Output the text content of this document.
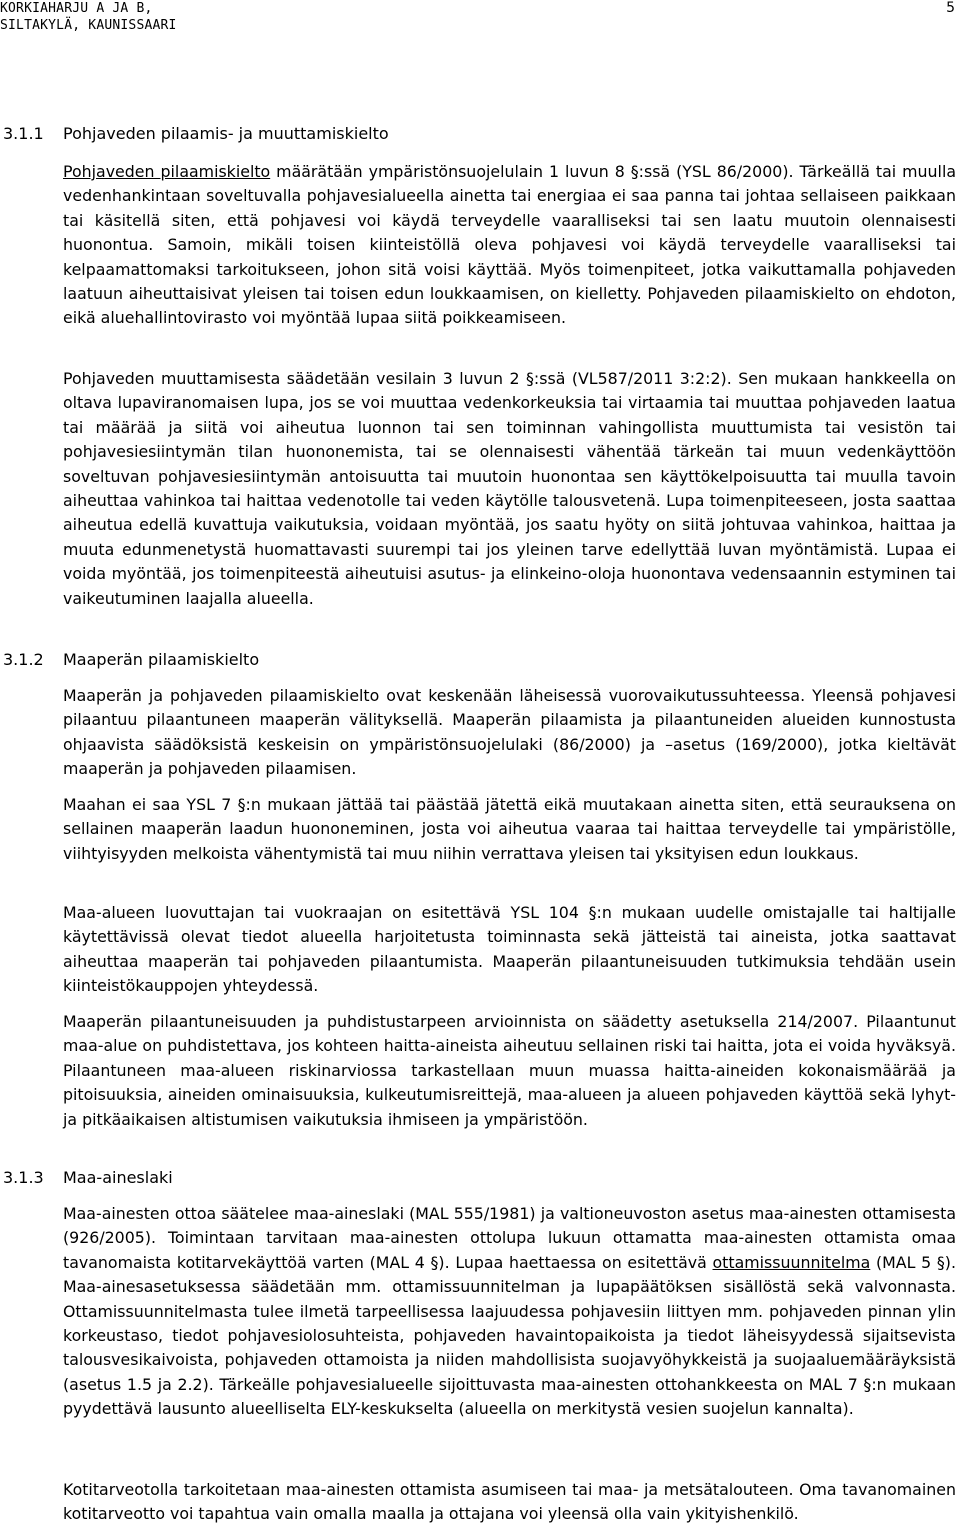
KORKIAHARJU A JA B,
SILTAKYLÄ, KAUNISSAARI
5
3.1.1 Pohjaveden pilaamis- ja muuttamiskielto
Pohjaveden pilaamiskielto määrätään ympäristönsuojelulain 1 luvun 8 §:ssä (YSL 86/2000). Tärkeällä tai muulla vedenhankintaan soveltuvalla pohjavesialueella ainetta tai energiaa ei saa panna tai johtaa sellaiseen paikkaan tai käsitellä siten, että pohjavesi voi käydä terveydelle vaaralliseksi tai sen laatu muutoin olennaisesti huonontua. Samoin, mikäli toisen kiinteistöllä oleva pohjavesi voi käydä terveydelle vaaralliseksi tai kelpaamattomaksi tarkoitukseen, johon sitä voisi käyttää. Myös toimenpiteet, jotka vaikuttamalla pohjaveden laatuun aiheuttaisivat yleisen tai toisen edun loukkaamisen, on kielletty. Pohjaveden pilaamiskielto on ehdoton, eikä aluehallintovirasto voi myöntää lupaa siitä poikkeamiseen.
Pohjaveden muuttamisesta säädetään vesilain 3 luvun 2 §:ssä (VL587/2011 3:2:2). Sen mukaan hankkeella on oltava lupaviranomaisen lupa, jos se voi muuttaa vedenkorkeuksia tai virtaamia tai muuttaa pohjaveden laatua tai määrää ja siitä voi aiheutua luonnon tai sen toiminnan vahingollista muuttumista tai vesistön tai pohjavesiesiintymän tilan huononemista, tai se olennaisesti vähentää tärkeän tai muun vedenkäyttöön soveltuvan pohjavesiesiintymän antoisuutta tai muutoin huonontaa sen käyttökelpoisuutta tai muulla tavoin aiheuttaa vahinkoa tai haittaa vedenotolle tai veden käytölle talousvetenä. Lupa toimenpiteeseen, josta saattaa aiheutua edellä kuvattuja vaikutuksia, voidaan myöntää, jos saatu hyöty on siitä johtuvaa vahinkoa, haittaa ja muuta edunmenetystä huomattavasti suurempi tai jos yleinen tarve edellyttää luvan myöntämistä. Lupaa ei voida myöntää, jos toimenpiteestä aiheutuisi asutus- ja elinkeino-oloja huonontava vedensaannin estyminen tai vaikeutuminen laajalla alueella.
3.1.2 Maaperän pilaamiskielto
Maaperän ja pohjaveden pilaamiskielto ovat keskenään läheisessä vuorovaikutussuhteessa. Yleensä pohjavesi pilaantuu pilaantuneen maaperän välityksellä. Maaperän pilaamista ja pilaantuneiden alueiden kunnostusta ohjaavista säädöksistä keskeisin on ympäristönsuojelulaki (86/2000) ja –asetus (169/2000), jotka kieltävät maaperän ja pohjaveden pilaamisen.
Maahan ei saa YSL 7 §:n mukaan jättää tai päästää jätettä eikä muutakaan ainetta siten, että seurauksena on sellainen maaperän laadun huononeminen, josta voi aiheutua vaaraa tai haittaa terveydelle tai ympäristölle, viihtyisyyden melkoista vähentymistä tai muu niihin verrattava yleisen tai yksityisen edun loukkaus.
Maa-alueen luovuttajan tai vuokraajan on esitettävä YSL 104 §:n mukaan uudelle omistajalle tai haltijalle käytettävissä olevat tiedot alueella harjoitetusta toiminnasta sekä jätteistä tai aineista, jotka saattavat aiheuttaa maaperän tai pohjaveden pilaantumista. Maaperän pilaantuneisuuden tutkimuksia tehdään usein kiinteistökauppojen yhteydessä.
Maaperän pilaantuneisuuden ja puhdistustarpeen arvioinnista on säädetty asetuksella 214/2007. Pilaantunut maa-alue on puhdistettava, jos kohteen haitta-aineista aiheutuu sellainen riski tai haitta, jota ei voida hyväksyä. Pilaantuneen maa-alueen riskinarviossa tarkastellaan muun muassa haitta-aineiden kokonaismäärää ja pitoisuuksia, aineiden ominaisuuksia, kulkeutumisreittejä, maa-alueen ja alueen pohjaveden käyttöä sekä lyhyt- ja pitkäaikaisen altistumisen vaikutuksia ihmiseen ja ympäristöön.
3.1.3 Maa-aineslaki
Maa-ainesten ottoa säätelee maa-aineslaki (MAL 555/1981) ja valtioneuvoston asetus maa-ainesten ottamisesta (926/2005). Toimintaan tarvitaan maa-ainesten ottolupa lukuun ottamatta maa-ainesten ottamista omaa tavanomaista kotitarvekäyttöä varten (MAL 4 §). Lupaa haettaessa on esitettävä ottamissuunnitelma (MAL 5 §). Maa-ainesasetuksessa säädetään mm. ottamissuunnitelman ja lupapäätöksen sisällöstä sekä valvonnasta. Ottamissuunnitelmasta tulee ilmetä tarpeellisessa laajuudessa pohjavesiin liittyen mm. pohjaveden pinnan ylin korkeustaso, tiedot pohjavesiolosuhteista, pohjaveden havaintopaikoista ja tiedot läheisyydessä sijaitsevista talousvesikaivoista, pohjaveden ottamoista ja niiden mahdollisista suojavyöhykkeistä ja suojaaluemääräyksistä (asetus 1.5 ja 2.2). Tärkeälle pohjavesialueelle sijoittuvasta maa-ainesten ottohankkeesta on MAL 7 §:n mukaan pyydettävä lausunto alueelliselta ELY-keskukselta (alueella on merkitystä vesien suojelun kannalta).
Kotitarveotolla tarkoitetaan maa-ainesten ottamista asumiseen tai maa- ja metsätalouteen. Oma tavanomainen kotitarveotto voi tapahtua vain omalla maalla ja ottajana voi yleensä olla vain ykityishenkilö.
